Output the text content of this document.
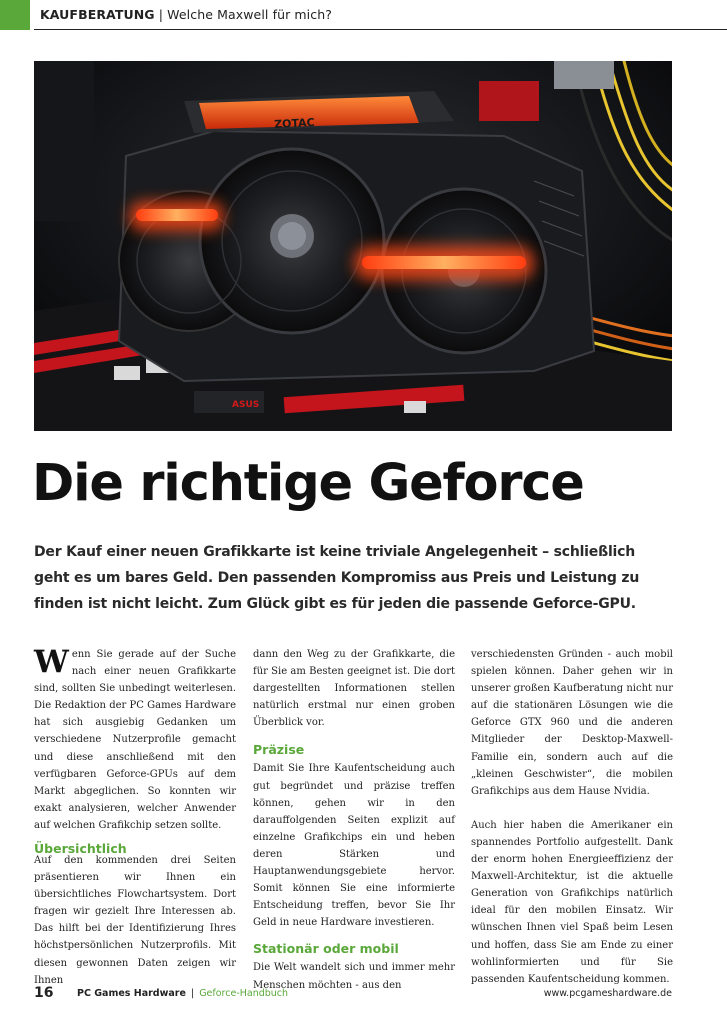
KAUFBERATUNG | Welche Maxwell für mich?
ASUS
ZOTAC
Die richtige Geforce

Der Kauf einer neuen Grafikkarte ist keine triviale Angelegenheit – schließlich geht es um bares Geld. Den passenden Kompromiss aus Preis und Leistung zu finden ist nicht leicht. Zum Glück gibt es für jeden die passende Geforce-GPU.

Wenn Sie gerade auf der Suche nach einer neuen Grafikkarte sind, sollten Sie unbedingt weiterlesen. Die Redaktion der PC Games Hardware hat sich ausgiebig Gedanken um verschiedene Nutzerprofile gemacht und diese anschließend mit den verfügbaren Geforce-GPUs auf dem Markt abgeglichen. So konnten wir exakt analysieren, welcher Anwender auf welchen Grafikchip setzen sollte.

Übersichtlich

Auf den kommenden drei Seiten präsentieren wir Ihnen ein übersichtliches Flowchartsystem. Dort fragen wir gezielt Ihre Interessen ab. Das hilft bei der Identifizierung Ihres höchstpersönlichen Nutzerprofils. Mit diesen gewonnen Daten zeigen wir Ihnen

dann den Weg zu der Grafikkarte, die für Sie am Besten geeignet ist. Die dort dargestellten Informationen stellen natürlich erstmal nur einen groben Überblick vor.

Präzise

Damit Sie Ihre Kaufentscheidung auch gut begründet und präzise treffen können, gehen wir in den darauffolgenden Seiten explizit auf einzelne Grafikchips ein und heben deren Stärken und Hauptanwendungsgebiete hervor. Somit können Sie eine informierte Entscheidung treffen, bevor Sie Ihr Geld in neue Hardware investieren.

Stationär oder mobil

Die Welt wandelt sich und immer mehr Menschen möchten - aus den

verschiedensten Gründen - auch mobil spielen können. Daher gehen wir in unserer großen Kaufberatung nicht nur auf die stationären Lösungen wie die Geforce GTX 960 und die anderen Mitglieder der Desktop-Maxwell-Familie ein, sondern auch auf die „kleinen Geschwister“, die mobilen Grafikchips aus dem Hause Nvidia.

Auch hier haben die Amerikaner ein spannendes Portfolio aufgestellt. Dank der enorm hohen Energieeffizienz der Maxwell-Architektur, ist die aktuelle Generation von Grafikchips natürlich ideal für den mobilen Einsatz. Wir wünschen Ihnen viel Spaß beim Lesen und hoffen, dass Sie am Ende zu einer wohlinformierten und für Sie passenden Kaufentscheidung kommen.

16 PC Games Hardware | Geforce-Handbuch	www.pcgameshardware.de
